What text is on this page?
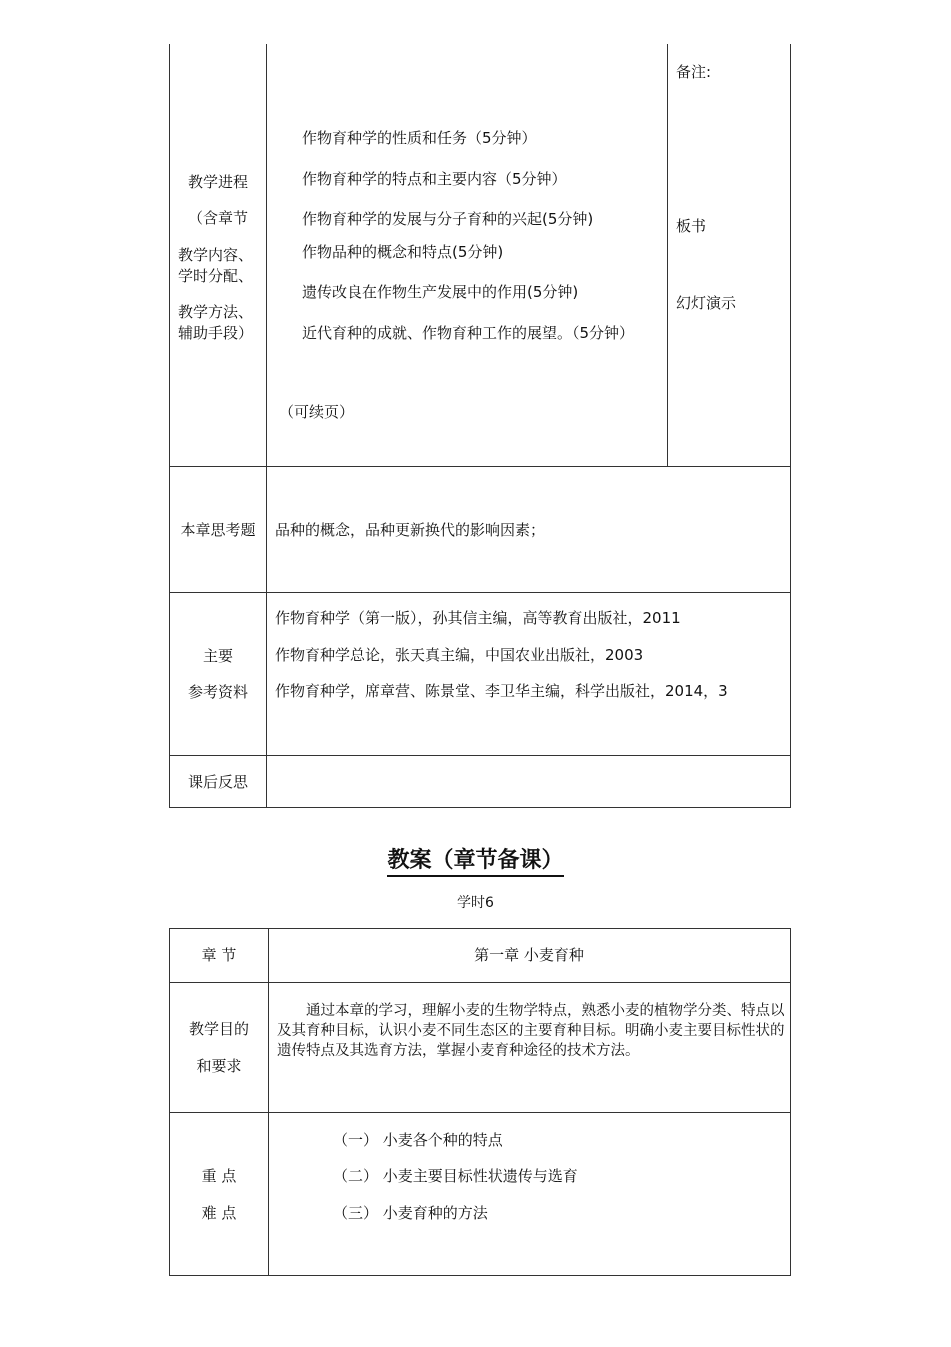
教学进程
（含章节
教学内容、
学时分配、
教学方法、
辅助手段）
作物育种学的性质和任务（5分钟）
作物育种学的特点和主要内容（5分钟）
作物育种学的发展与分子育种的兴起(5分钟)
作物品种的概念和特点(5分钟)
遗传改良在作物生产发展中的作用(5分钟)
近代育种的成就、作物育种工作的展望。（5分钟）
（可续页）
备注:
板书
幻灯演示
本章思考题	品种的概念，品种更新换代的影响因素；
主要
参考资料
作物育种学（第一版），孙其信主编，高等教育出版社，2011
作物育种学总论，张天真主编，中国农业出版社，2003
作物育种学，席章营、陈景堂、李卫华主编，科学出版社，2014，3
课后反思
教案（章节备课）
学时6
章 节	第一章 小麦育种
教学目的
和要求
通过本章的学习，理解小麦的生物学特点，熟悉小麦的植物学分类、特点以及其育种目标，认识小麦不同生态区的主要育种目标。明确小麦主要目标性状的遗传特点及其选育方法，掌握小麦育种途径的技术方法。
重 点
难 点
（一） 小麦各个种的特点
（二） 小麦主要目标性状遗传与选育
（三） 小麦育种的方法
